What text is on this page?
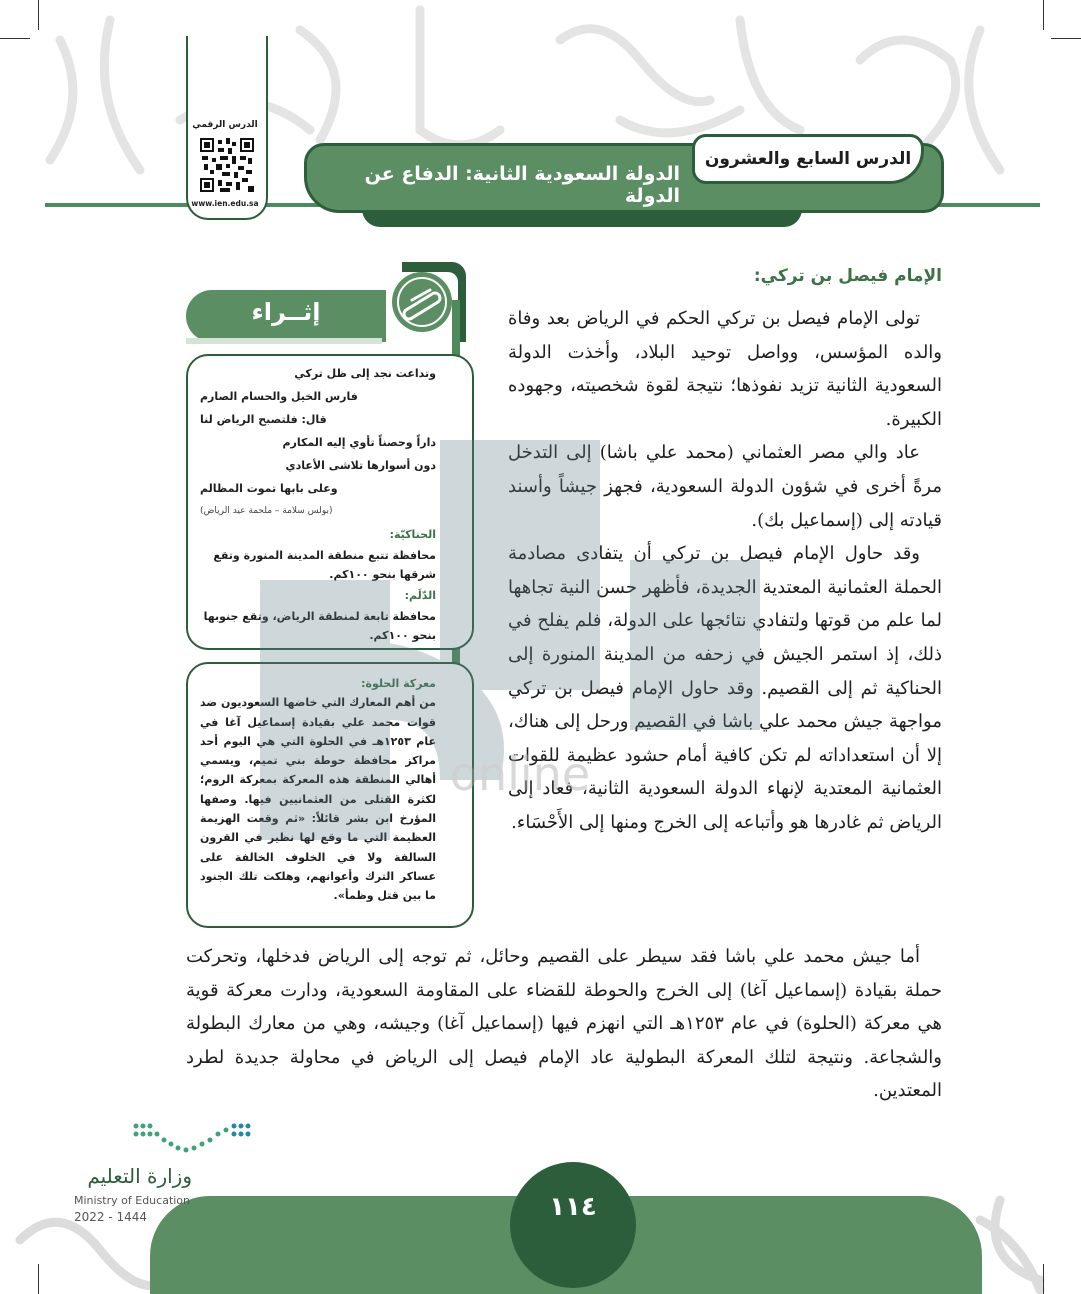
الدولة السعودية الثانية: الدفاع عن الدولة
الدرس السابع والعشرون
الدرس الرقمي
www.ien.edu.sa
الإمام فيصل بن تركي:

تولى الإمام فيصل بن تركي الحكم في الرياض بعد وفاة والده المؤسس، وواصل توحيد البلاد، وأخذت الدولة السعودية الثانية تزيد نفوذها؛ نتيجة لقوة شخصيته، وجهوده الكبيرة.

عاد والي مصر العثماني (محمد علي باشا) إلى التدخل مرةً أخرى في شؤون الدولة السعودية، فجهز جيشاً وأسند قيادته إلى (إسماعيل بك).

وقد حاول الإمام فيصل بن تركي أن يتفادى مصادمة الحملة العثمانية المعتدية الجديدة، فأظهر حسن النية تجاهها لما علم من قوتها ولتفادي نتائجها على الدولة، فلم يفلح في ذلك، إذ استمر الجيش في زحفه من المدينة المنورة إلى الحناكية ثم إلى القصيم. وقد حاول الإمام فيصل بن تركي مواجهة جيش محمد علي باشا في القصيم ورحل إلى هناك، إلا أن استعداداته لم تكن كافية أمام حشود عظيمة للقوات العثمانية المعتدية لإنهاء الدولة السعودية الثانية، فعاد إلى الرياض ثم غادرها هو وأتباعه إلى الخرج ومنها إلى الأَحْسَاء.

أما جيش محمد علي باشا فقد سيطر على القصيم وحائل، ثم توجه إلى الرياض فدخلها، وتحركت حملة بقيادة (إسماعيل آغا) إلى الخرج والحوطة للقضاء على المقاومة السعودية، ودارت معركة قوية هي معركة (الحلوة) في عام ١٢٥٣هـ التي انهزم فيها (إسماعيل آغا) وجيشه، وهي من معارك البطولة والشجاعة. ونتيجة لتلك المعركة البطولية عاد الإمام فيصل إلى الرياض في محاولة جديدة لطرد المعتدين.
إثــراء
وتداعت نجد إلى ظل تركي
فارس الخيل والحسام الصارم
قال: فلتصبح الرياض لنا
داراً وحصناً تأوي إليه المكارم
دون أسوارها تلاشى الأعادي
وعلى بابها تموت المظالم
(بولس سلامة – ملحمة عيد الرياض)
الحناكيّة:
محافظة تتبع منطقة المدينة المنورة وتقع شرقها بنحو ١٠٠كم.
الدّلَم:
محافظة تابعة لمنطقة الرياض، وتقع جنوبها بنحو ١٠٠كم.
معركة الحلوة:
من أهم المعارك التي خاضها السعوديون ضد قوات محمد علي بقيادة إسماعيل آغا في عام ١٢٥٣هـ في الحلوة التي هي اليوم أحد مراكز محافظة حوطة بني تميم، ويسمي أهالي المنطقة هذه المعركة بمعركة الروم؛ لكثرة القتلى من العثمانيين فيها. وصفها المؤرخ ابن بشر قائلاً: «ثم وقعت الهزيمة العظيمة التي ما وقع لها نظير في القرون السالفة ولا في الخلوف الخالفة على عساكر الترك وأعوانهم، وهلكت تلك الجنود ما بين قتل وظمأ».
online
١١٤
وزارة التعليم
Ministry of Education
2022 - 1444
